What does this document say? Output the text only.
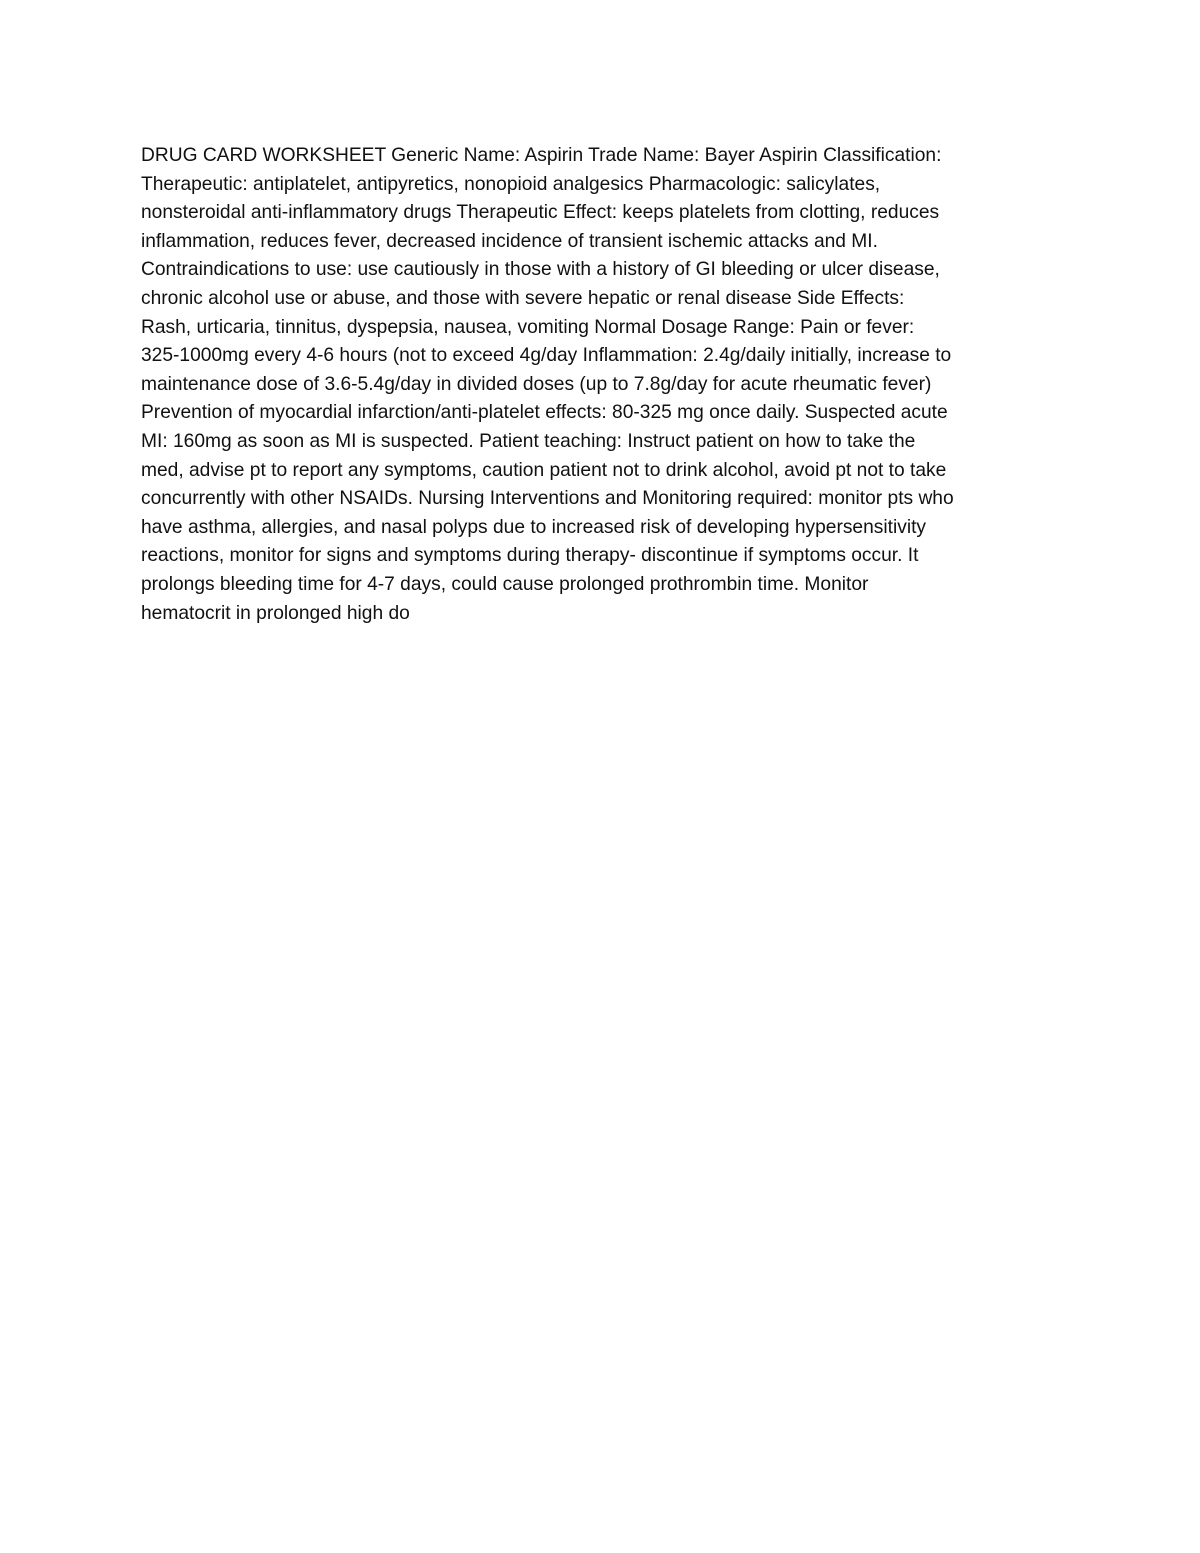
DRUG CARD WORKSHEET Generic Name: Aspirin Trade Name: Bayer Aspirin Classification:
Therapeutic: antiplatelet, antipyretics, nonopioid analgesics Pharmacologic: salicylates,
nonsteroidal anti-inflammatory drugs Therapeutic Effect: keeps platelets from clotting, reduces
inflammation, reduces fever, decreased incidence of transient ischemic attacks and MI.
Contraindications to use: use cautiously in those with a history of GI bleeding or ulcer disease,
chronic alcohol use or abuse, and those with severe hepatic or renal disease Side Effects:
Rash, urticaria, tinnitus, dyspepsia, nausea, vomiting Normal Dosage Range: Pain or fever:
325-1000mg every 4-6 hours (not to exceed 4g/day Inflammation: 2.4g/daily initially, increase to
maintenance dose of 3.6-5.4g/day in divided doses (up to 7.8g/day for acute rheumatic fever)
Prevention of myocardial infarction/anti-platelet effects: 80-325 mg once daily. Suspected acute
MI: 160mg as soon as MI is suspected. Patient teaching: Instruct patient on how to take the
med, advise pt to report any symptoms, caution patient not to drink alcohol, avoid pt not to take
concurrently with other NSAIDs. Nursing Interventions and Monitoring required: monitor pts who
have asthma, allergies, and nasal polyps due to increased risk of developing hypersensitivity
reactions, monitor for signs and symptoms during therapy- discontinue if symptoms occur. It
prolongs bleeding time for 4-7 days, could cause prolonged prothrombin time. Monitor
hematocrit in prolonged high do
